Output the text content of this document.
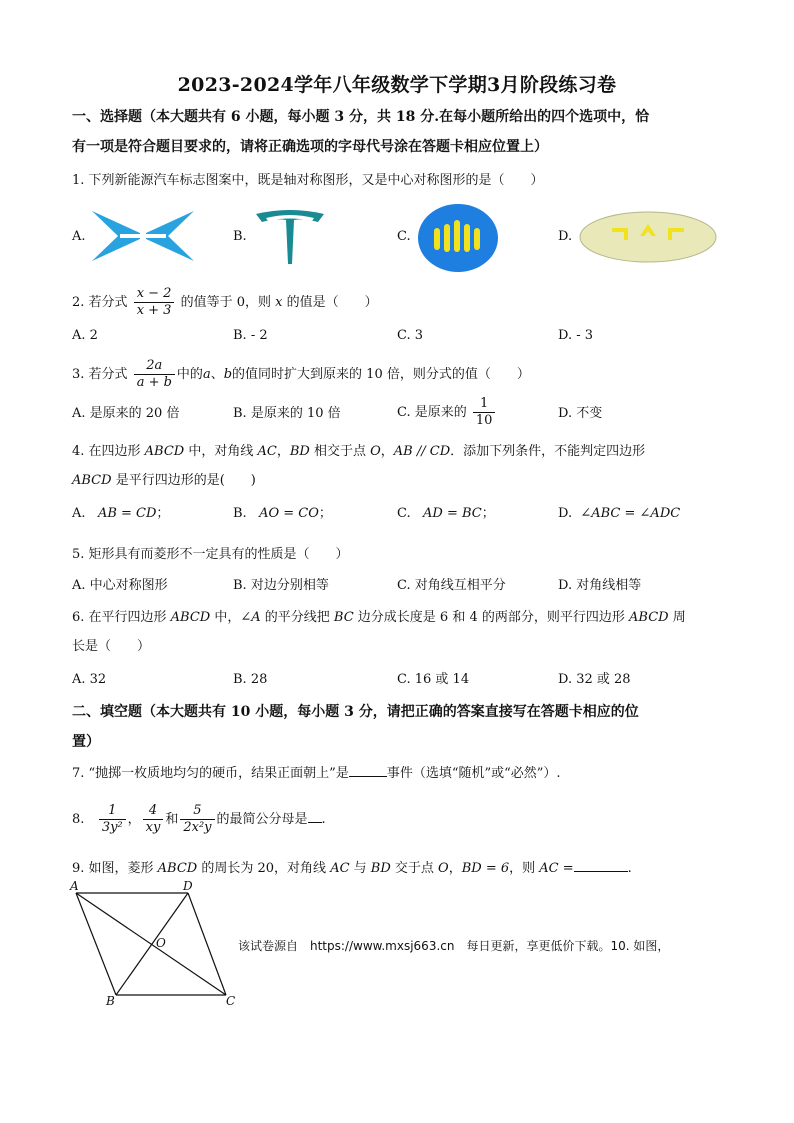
2023-2024学年八年级数学下学期3月阶段练习卷
一、选择题（本大题共有 6 小题，每小题 3 分，共 18 分.在每小题所给出的四个选项中，恰
有一项是符合题目要求的，请将正确选项的字母代号涂在答题卡相应位置上）
1. 下列新能源汽车标志图案中，既是轴对称图形，又是中心对称图形的是（　　）
A.	B.	C.	D.
2. 若分式 $\frac{x - 2}{x + 3}$ 的值等于 0，则 x 的值是（　　）
A. 2	B. - 2	C. 3	D. - 3
3. 若分式 $\frac{2a}{a + b}$ 中的a、b的值同时扩大到原来的 10 倍，则分式的值（　　）
A. 是原来的 20 倍	B. 是原来的 10 倍	C. 是原来的 $\frac{1}{10}$	D. 不变
4. 在四边形 ABCD 中，对角线 AC，BD 相交于点 O，AB // CD．添加下列条件，不能判定四边形
ABCD 是平行四边形的是(　　)
A. AB = CD；	B. AO = CO；	C. AD = BC；	D. ∠ABC = ∠ADC
5. 矩形具有而菱形不一定具有的性质是（　　）
A. 中心对称图形	B. 对边分别相等	C. 对角线互相平分	D. 对角线相等
6. 在平行四边形 ABCD 中，∠A 的平分线把 BC 边分成长度是 6 和 4 的两部分，则平行四边形 ABCD 周
长是（　　）
A. 32	B. 28	C. 16 或 14	D. 32 或 28
二、填空题（本大题共有 10 小题，每小题 3 分，请把正确的答案直接写在答题卡相应的位
置）
7. “抛掷一枚质地均匀的硬币，结果正面朝上”是	事件（选填“随机”或“必然”）.
8. $\frac{1}{\text{3y²}}$ ， $\frac{4}{xy}$ 和 $\frac{5}{\text{2x²y}}$ 的最简公分母是 .
9. 如图，菱形 ABCD 的周长为 20，对角线 AC 与 BD 交于点 O，BD = 6，则 AC =	.
A	D
O
B	C
该试卷源自　https://www.mxsj663.cn　每日更新，享更低价下载。10. 如图，
